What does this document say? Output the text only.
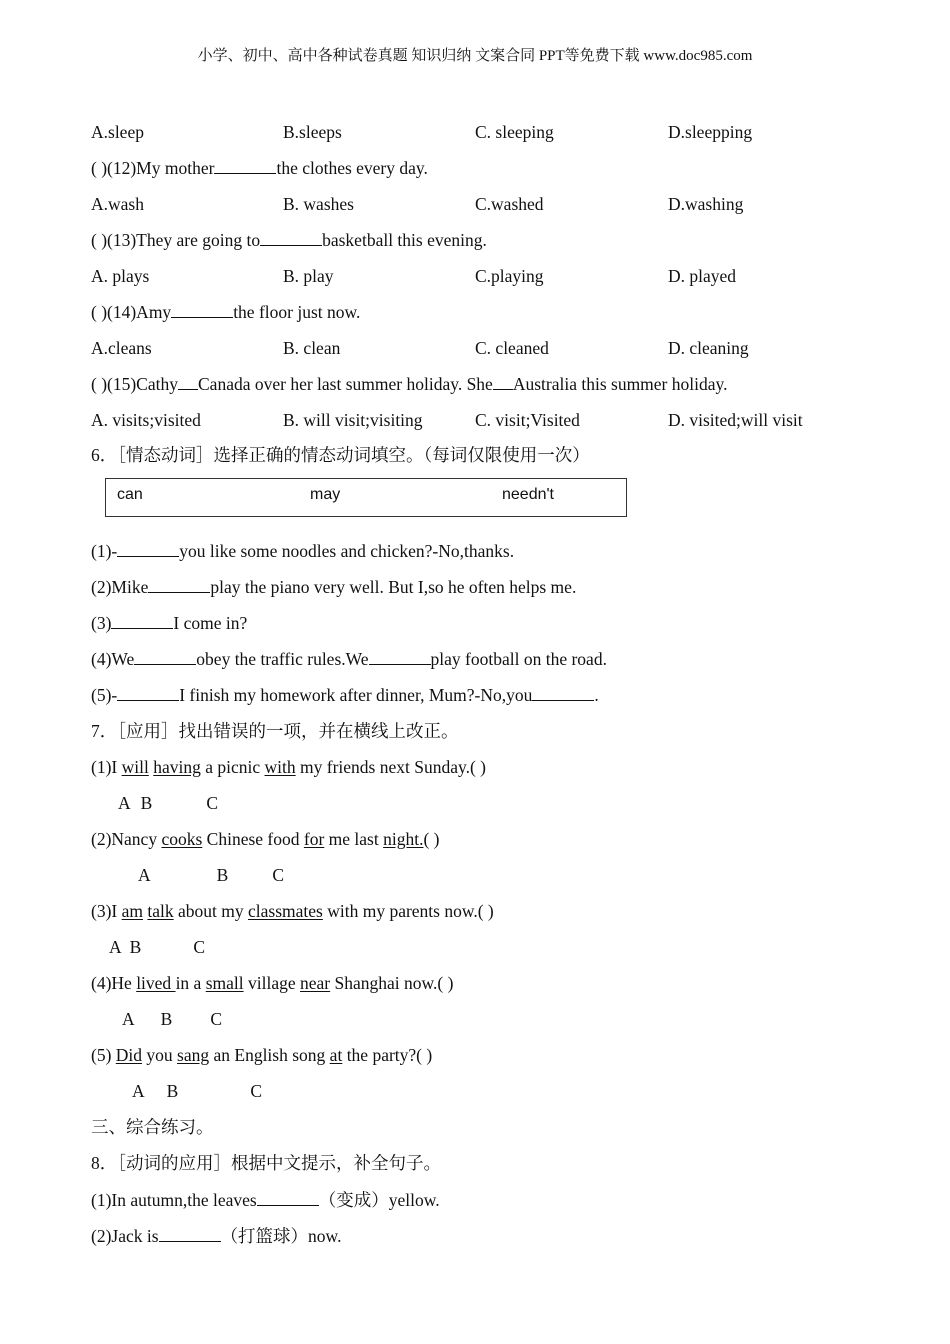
小学、初中、高中各种试卷真题 知识归纳 文案合同 PPT等免费下载 www.doc985.com
A.sleep	B.sleeps	C. sleeping	D.sleepping
( )(12)My mother	the clothes every day.
A.wash	B. washes	C.washed	D.washing
( )(13)They are going to	basketball this evening.
A. plays	B. play	C.playing	D. played
( )(14)Amy	the floor just now.
A.cleans	B. clean	C. cleaned	D. cleaning
( )(15)Cathy Canada over her last summer holiday. She Australia this summer holiday.
A. visits;visited	B. will visit;visiting	C. visit;Visited	D. visited;will visit
6．［情态动词］选择正确的情态动词填空。（每词仅限使用一次）
can	may	needn't
(1)-	you like some noodles and chicken?-No,thanks.
(2)Mike	play the piano very well. But I,so he often helps me.
(3)	I come in?
(4)We	obey the traffic rules.We	play football on the road.
(5)-	I finish my homework after dinner, Mum?-No,you	.
7．［应用］找出错误的一项，并在横线上改正。
(1)I will having a picnic with my friends next Sunday.( )
A B	C
(2)Nancy cooks Chinese food for me last night.( )
A	B	C
(3)I am talk about my classmates with my parents now.( )
A B	C
(4)He lived in a small village near Shanghai now.( )
A B C
(5) Did you sang an English song at the party?( )
A B	C
三、综合练习。
8．［动词的应用］根据中文提示，补全句子。
(1)In autumn,the leaves	（变成）yellow.
(2)Jack is	（打篮球）now.
